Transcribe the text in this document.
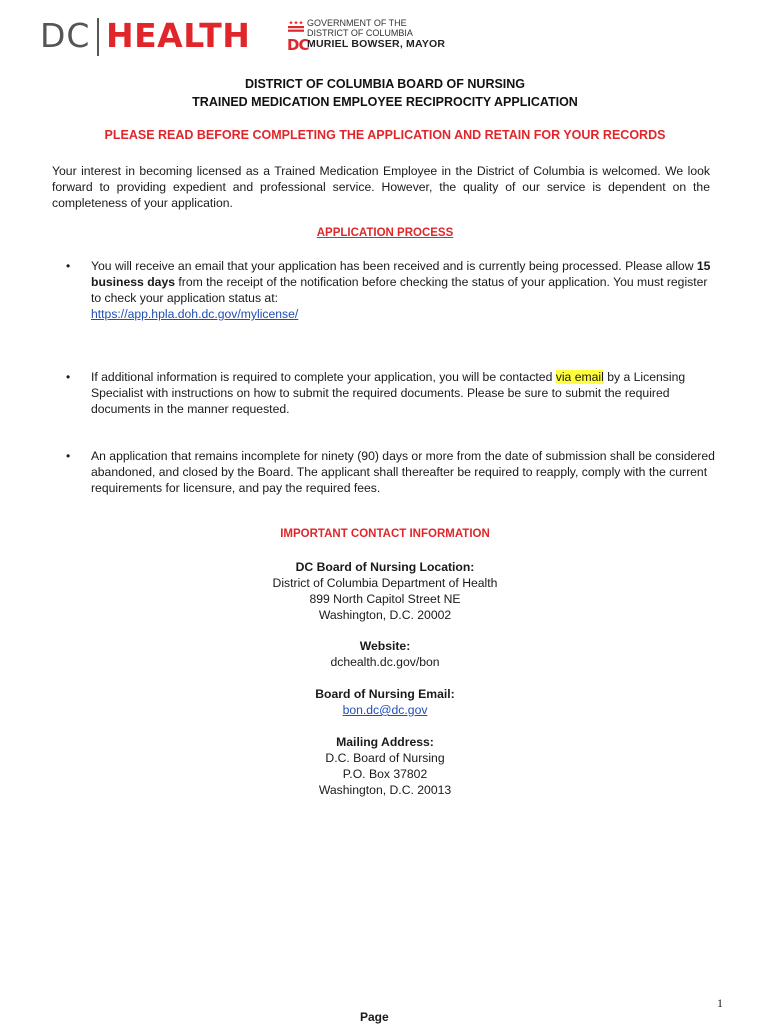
DC HEALTH DC
GOVERNMENT OF THE
DISTRICT OF COLUMBIA
MURIEL BOWSER, MAYOR
DISTRICT OF COLUMBIA BOARD OF NURSING
TRAINED MEDICATION EMPLOYEE RECIPROCITY APPLICATION
PLEASE READ BEFORE COMPLETING THE APPLICATION AND RETAIN FOR YOUR RECORDS
Your interest in becoming licensed as a Trained Medication Employee in the District of Columbia is welcomed. We look forward to providing expedient and professional service. However, the quality of our service is dependent on the completeness of your application.
APPLICATION PROCESS
• You will receive an email that your application has been received and is currently being processed. Please allow 15 business days from the receipt of the notification before checking the status of your application. You must register to check your application status at:
https://app.hpla.doh.dc.gov/mylicense/
• If additional information is required to complete your application, you will be contacted via email by a Licensing Specialist with instructions on how to submit the required documents. Please be sure to submit the required documents in the manner requested.
• An application that remains incomplete for ninety (90) days or more from the date of submission shall be considered abandoned, and closed by the Board. The applicant shall thereafter be required to reapply, comply with the current requirements for licensure, and pay the required fees.
IMPORTANT CONTACT INFORMATION
DC Board of Nursing Location:
District of Columbia Department of Health
899 North Capitol Street NE
Washington, D.C. 20002
Website:
dchealth.dc.gov/bon
Board of Nursing Email:
bon.dc@dc.gov
Mailing Address:
D.C. Board of Nursing
P.O. Box 37802
Washington, D.C. 20013
1
Page
